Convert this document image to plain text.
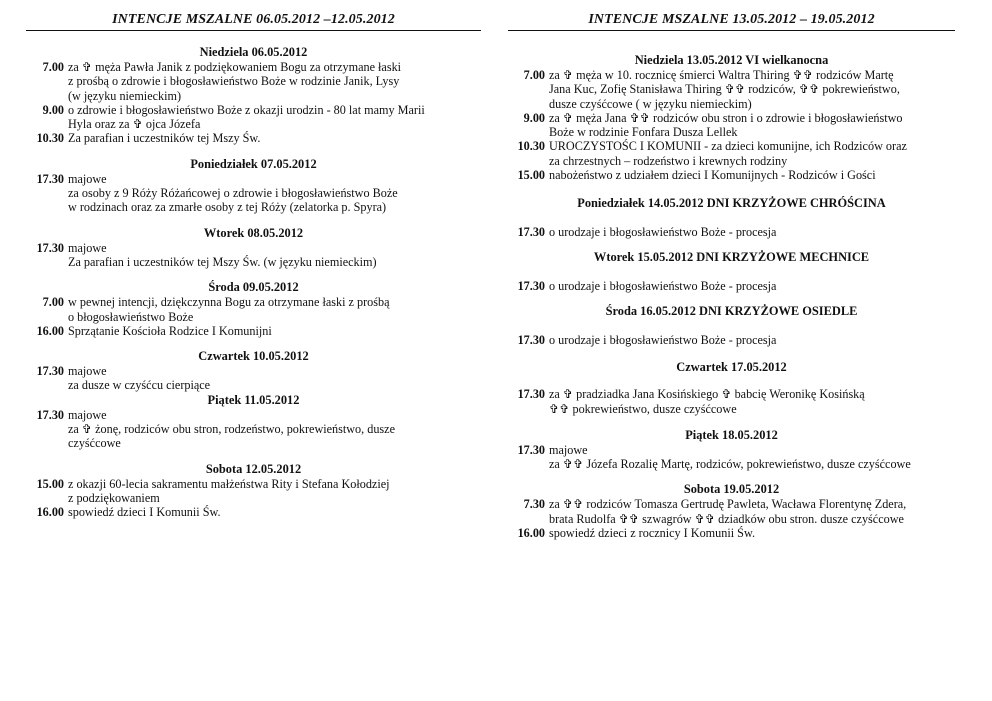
INTENCJE MSZALNE 06.05.2012 –12.05.2012
Niedziela 06.05.2012
7.00 za ✞ męża Pawła Janik z podziękowaniem Bogu za otrzymane łaski
z prośbą o zdrowie i błogosławieństwo Boże w rodzinie Janik, Lysy
(w języku niemieckim)
9.00 o zdrowie i błogosławieństwo Boże z okazji urodzin - 80 lat mamy Marii
Hyla oraz za ✞ ojca Józefa
10.30 Za parafian i uczestników tej Mszy Św.
Poniedziałek 07.05.2012
17.30 majowe
za osoby z 9 Róży Różańcowej o zdrowie i błogosławieństwo Boże
w rodzinach oraz za zmarłe osoby z tej Róży (zelatorka p. Spyra)
Wtorek 08.05.2012
17.30 majowe
Za parafian i uczestników tej Mszy Św. (w języku niemieckim)
Środa 09.05.2012
7.00 w pewnej intencji, dziękczynna Bogu za otrzymane łaski z prośbą
o błogosławieństwo Boże
16.00 Sprzątanie Kościoła Rodzice I Komunijni
Czwartek 10.05.2012
17.30 majowe
za dusze w czyśćcu cierpiące
Piątek 11.05.2012
17.30 majowe
za ✞ żonę, rodziców obu stron, rodzeństwo, pokrewieństwo, dusze
czyśćcowe
Sobota 12.05.2012
15.00 z okazji 60-lecia sakramentu małżeństwa Rity i Stefana Kołodziej
z podziękowaniem
16.00 spowiedź dzieci I Komunii Św.
INTENCJE MSZALNE 13.05.2012 – 19.05.2012
Niedziela 13.05.2012 VI wielkanocna
7.00 za ✞ męża w 10. rocznicę śmierci Waltra Thiring ✞✞ rodziców Martę
Jana Kuc, Zofię Stanisława Thiring ✞✞ rodziców, ✞✞ pokrewieństwo,
dusze czyśćcowe ( w języku niemieckim)
9.00 za ✞ męża Jana ✞✞ rodziców obu stron i o zdrowie i błogosławieństwo
Boże w rodzinie Fonfara Dusza Lellek
10.30 UROCZYSTOŚC I KOMUNII - za dzieci komunijne, ich Rodziców oraz
za chrzestnych – rodzeństwo i krewnych rodziny
15.00 nabożeństwo z udziałem dzieci I Komunijnych - Rodziców i Gości
Poniedziałek 14.05.2012 DNI KRZYŻOWE CHRÓŚCINA
17.30 o urodzaje i błogosławieństwo Boże - procesja
Wtorek 15.05.2012 DNI KRZYŻOWE MECHNICE
17.30 o urodzaje i błogosławieństwo Boże - procesja
Środa 16.05.2012 DNI KRZYŻOWE OSIEDLE
17.30 o urodzaje i błogosławieństwo Boże - procesja
Czwartek 17.05.2012
17.30 za ✞ pradziadka Jana Kosińskiego ✞ babcię Weronikę Kosińską
✞✞ pokrewieństwo, dusze czyśćcowe
Piątek 18.05.2012
17.30 majowe
za ✞✞ Józefa Rozalię Martę, rodziców, pokrewieństwo, dusze czyśćcowe
Sobota 19.05.2012
7.30 za ✞✞ rodziców Tomasza Gertrudę Pawleta, Wacława Florentynę Zdera,
brata Rudolfa ✞✞ szwagrów ✞✞ dziadków obu stron. dusze czyśćcowe
16.00 spowiedź dzieci z rocznicy I Komunii Św.
